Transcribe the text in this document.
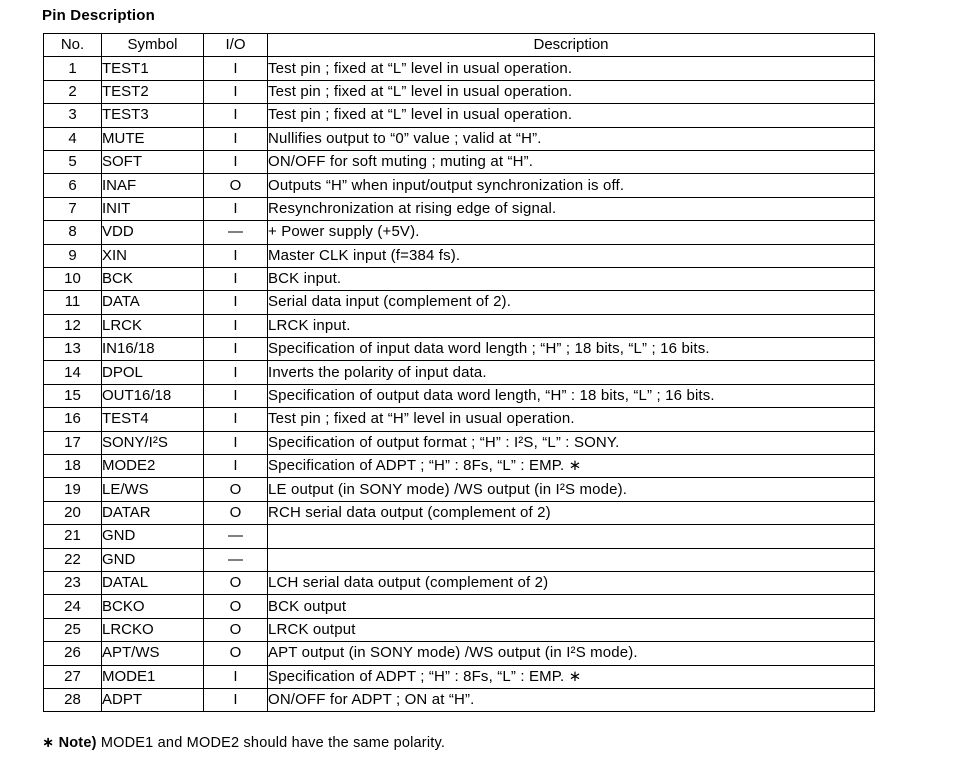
Pin Description
No.	Symbol	I/O	Description
1	TEST1	I	Test pin ; fixed at “L” level in usual operation.
2	TEST2	I	Test pin ; fixed at “L” level in usual operation.
3	TEST3	I	Test pin ; fixed at “L” level in usual operation.
4	MUTE	I	Nullifies output to “0” value ; valid at “H”.
5	SOFT	I	ON/OFF for soft muting ; muting at “H”.
6	INAF	O	Outputs “H” when input/output synchronization is off.
7	INIT	I	Resynchronization at rising edge of signal.
8	VDD	—	+ Power supply (+5V).
9	XIN	I	Master CLK input (f=384 fs).
10	BCK	I	BCK input.
11	DATA	I	Serial data input (complement of 2).
12	LRCK	I	LRCK input.
13	IN16/18	I	Specification of input data word length ; “H” ; 18 bits, “L” ; 16 bits.
14	DPOL	I	Inverts the polarity of input data.
15	OUT16/18	I	Specification of output data word length, “H” : 18 bits, “L” ; 16 bits.
16	TEST4	I	Test pin ; fixed at “H” level in usual operation.
17	SONY/I²S	I	Specification of output format ; “H” : I²S, “L” : SONY.
18	MODE2	I	Specification of ADPT ; “H” : 8Fs, “L” : EMP. ∗
19	LE/WS	O	LE output (in SONY mode) /WS output (in I²S mode).
20	DATAR	O	RCH serial data output (complement of 2)
21	GND	—	
22	GND	—	
23	DATAL	O	LCH serial data output (complement of 2)
24	BCKO	O	BCK output
25	LRCKO	O	LRCK output
26	APT/WS	O	APT output (in SONY mode) /WS output (in I²S mode).
27	MODE1	I	Specification of ADPT ; “H” : 8Fs, “L” : EMP. ∗
28	ADPT	I	ON/OFF for ADPT ; ON at “H”.
∗ Note) MODE1 and MODE2 should have the same polarity.
